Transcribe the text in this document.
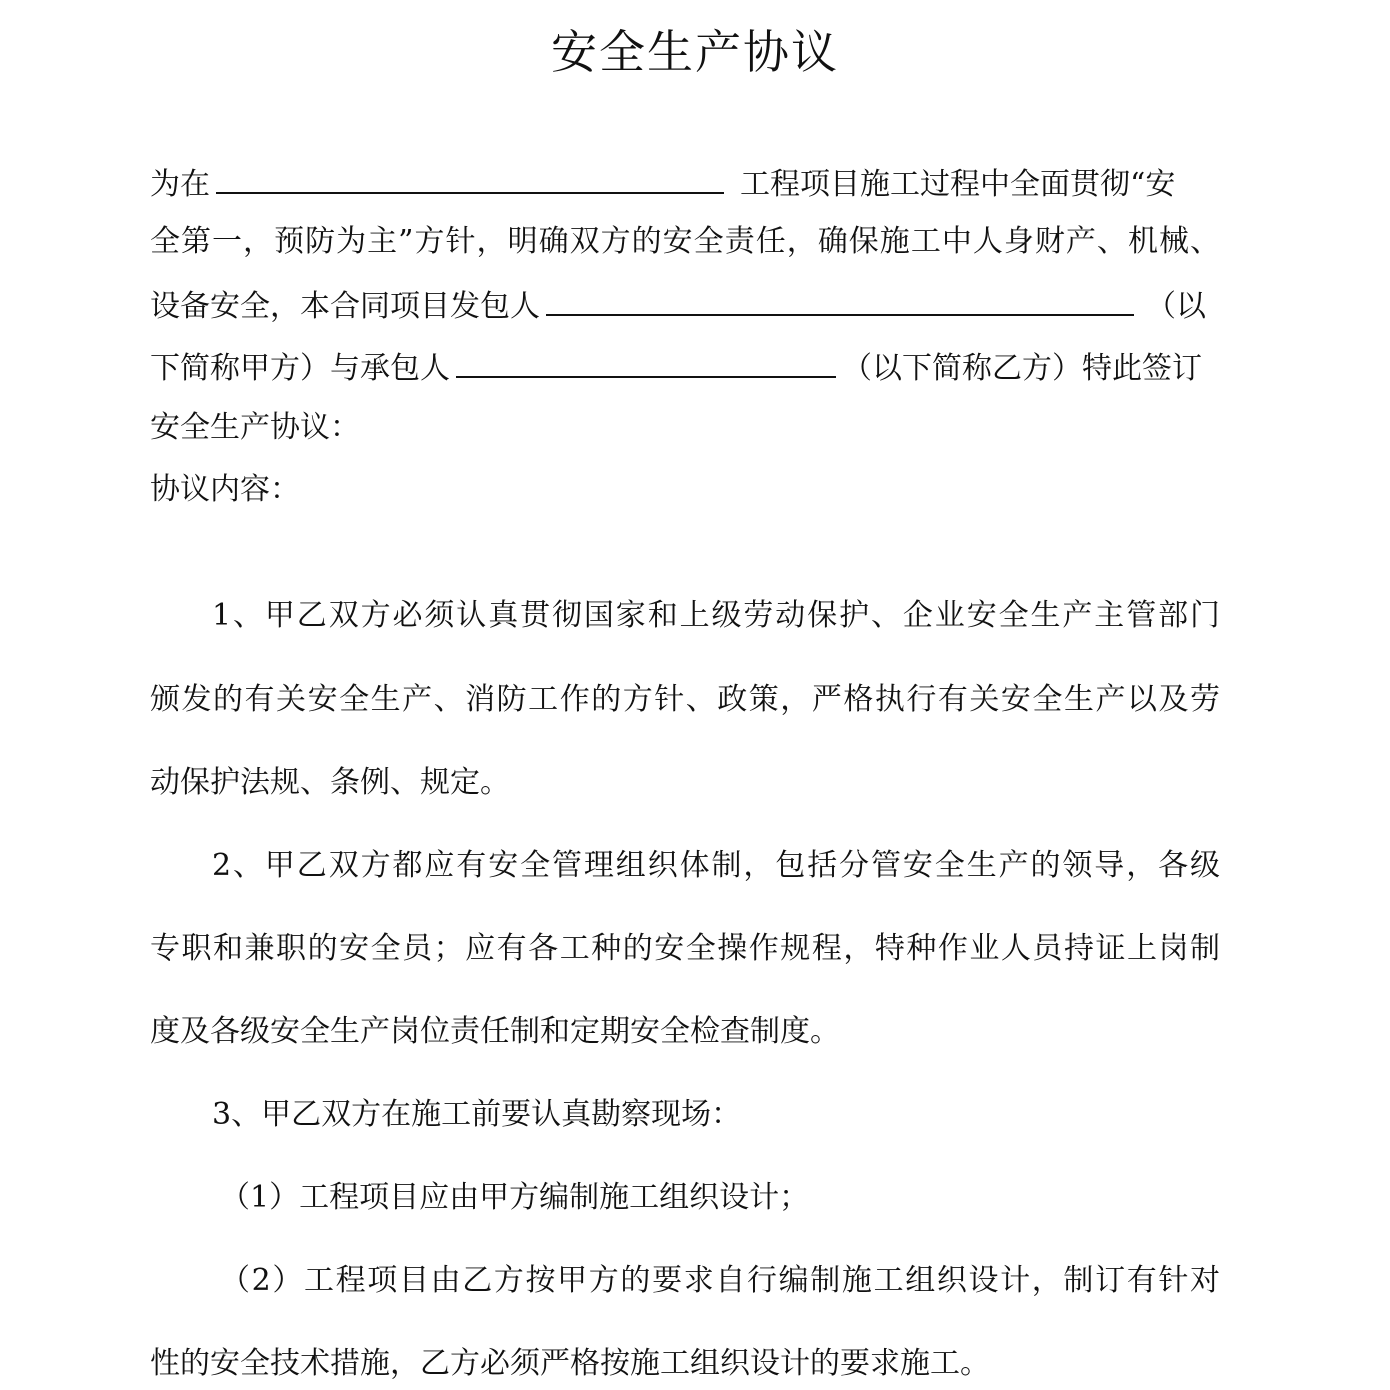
安全生产协议
为在	工程项目施工过程中全面贯彻“安
全第一，预防为主”方针，明确双方的安全责任，确保施工中人身财产、机械、
设备安全，本合同项目发包人	（以
下简称甲方）与承包人	（以下简称乙方）特此签订
安全生产协议：
协议内容：
1、甲乙双方必须认真贯彻国家和上级劳动保护、企业安全生产主管部门
颁发的有关安全生产、消防工作的方针、政策，严格执行有关安全生产以及劳
动保护法规、条例、规定。
2、甲乙双方都应有安全管理组织体制，包括分管安全生产的领导，各级
专职和兼职的安全员；应有各工种的安全操作规程，特种作业人员持证上岗制
度及各级安全生产岗位责任制和定期安全检查制度。
3、甲乙双方在施工前要认真勘察现场：
（1）工程项目应由甲方编制施工组织设计；
（2）工程项目由乙方按甲方的要求自行编制施工组织设计，制订有针对
性的安全技术措施，乙方必须严格按施工组织设计的要求施工。
